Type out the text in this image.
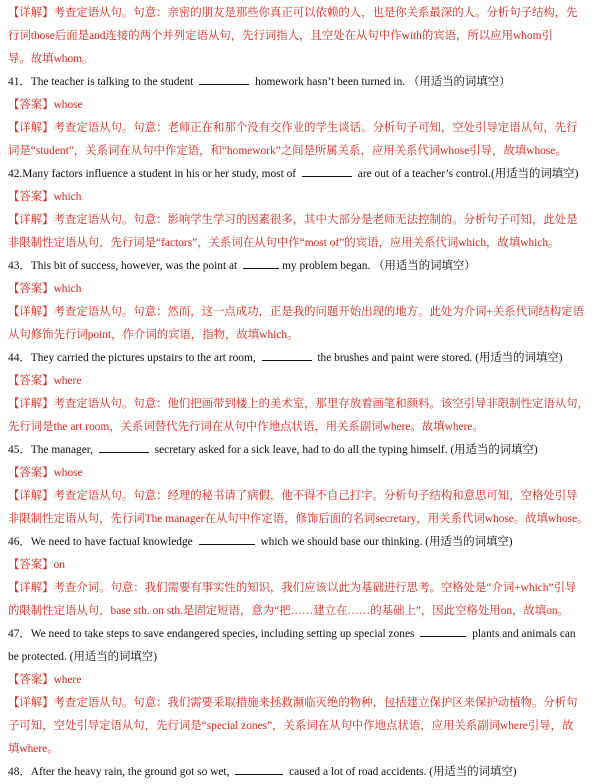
【详解】考查定语从句。句意：亲密的朋友是那些你真正可以依赖的人，也是你关系最深的人。分析句子结构，先
行词those后面是and连接的两个并列定语从句，先行词指人，且空处在从句中作with的宾语，所以应用whom引
导。故填whom。
41．The teacher is talking to the student	homework hasn’t been turned in. （用适当的词填空）
【答案】whose
【详解】考查定语从句。句意：老师正在和那个没有交作业的学生谈话。分析句子可知，空处引导定语从句，先行
词是“student”，关系词在从句中作定语，和“homework”之间是所属关系，应用关系代词whose引导，故填whose。
42.Many factors influence a student in his or her study, most of	are out of a teacher’s control.(用适当的词填空)
【答案】which
【详解】考查定语从句。句意：影响学生学习的因素很多，其中大部分是老师无法控制的。分析句子可知，此处是
非限制性定语从句，先行词是“factors”，关系词在从句中作“most of”的宾语，应用关系代词which，故填which。
43．This bit of success, however, was the point at	my problem began. （用适当的词填空）
【答案】which
【详解】考查定语从句。句意：然而，这一点成功，正是我的问题开始出现的地方。此处为介词+关系代词结构定语
从句修饰先行词point，作介词的宾语，指物，故填which。
44．They carried the pictures upstairs to the art room,	the brushes and paint were stored. (用适当的词填空)
【答案】where
【详解】考查定语从句。句意：他们把画带到楼上的美术室，那里存放着画笔和颜料。该空引导非限制性定语从句，
先行词是the art room，关系词替代先行词在从句中作地点状语，用关系副词where。故填where。
45．The manager,	secretary asked for a sick leave, had to do all the typing himself. (用适当的词填空)
【答案】whose
【详解】考查定语从句。句意：经理的秘书请了病假，他不得不自己打字。分析句子结构和意思可知，空格处引导
非限制性定语从句，先行词The manager在从句中作定语，修饰后面的名词secretary，用关系代词whose。故填whose。
46．We need to have factual knowledge	which we should base our thinking. (用适当的词填空)
【答案】on
【详解】考查介词。句意：我们需要有事实性的知识，我们应该以此为基础进行思考。空格处是“介词+which”引导
的限制性定语从句，base sth. on sth.是固定短语，意为“把……建立在……的基础上”，因此空格处用on，故填on。
47．We need to take steps to save endangered species, including setting up special zones	plants and animals can
be protected. (用适当的词填空)
【答案】where
【详解】考查定语从句。句意：我们需要采取措施来拯救濒临灭绝的物种，包括建立保护区来保护动植物。分析句
子可知，空处引导定语从句，先行词是“special zones”，关系词在从句中作地点状语，应用关系副词where引导，故
填where。
48．After the heavy rain, the ground got so wet,	caused a lot of road accidents. (用适当的词填空)
